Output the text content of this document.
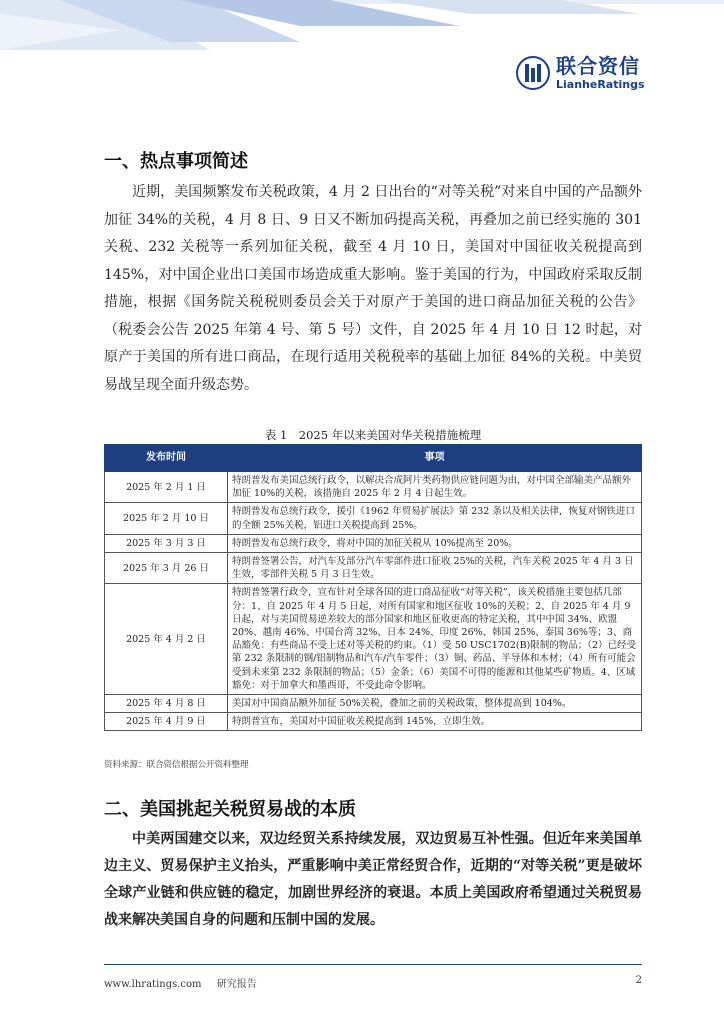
联合资信
LianheRatings
一、热点事项简述

近期，美国频繁发布关税政策，4 月 2 日出台的“对等关税”对来自中国的产品额外加征 34%的关税，4 月 8 日、9 日又不断加码提高关税，再叠加之前已经实施的 301 关税、232 关税等一系列加征关税，截至 4 月 10 日，美国对中国征收关税提高到 145%，对中国企业出口美国市场造成重大影响。鉴于美国的行为，中国政府采取反制措施，根据《国务院关税税则委员会关于对原产于美国的进口商品加征关税的公告》（税委会公告 2025 年第 4 号、第 5 号）文件，自 2025 年 4 月 10 日 12 时起，对原产于美国的所有进口商品，在现行适用关税税率的基础上加征 84%的关税。中美贸易战呈现全面升级态势。

表 1　2025 年以来美国对华关税措施梳理
发布时间	事项
2025 年 2 月 1 日	特朗普发布美国总统行政令，以解决合成阿片类药物供应链问题为由，对中国全部输美产品额外加征 10%的关税，该措施自 2025 年 2 月 4 日起生效。
2025 年 2 月 10 日	特朗普发布总统行政令，援引《1962 年贸易扩展法》第 232 条以及相关法律，恢复对钢铁进口的全额 25%关税，铝进口关税提高到 25%。
2025 年 3 月 3 日	特朗普发布总统行政令，将对中国的加征关税从 10%提高至 20%。
2025 年 3 月 26 日	特朗普签署公告，对汽车及部分汽车零部件进口征收 25%的关税，汽车关税 2025 年 4 月 3 日生效，零部件关税 5 月 3 日生效。
2025 年 4 月 2 日	特朗普签署行政令，宣布针对全球各国的进口商品征收“对等关税”，该关税措施主要包括几部分：1、自 2025 年 4 月 5 日起，对所有国家和地区征收 10%的关税；2、自 2025 年 4 月 9 日起，对与美国贸易逆差较大的部分国家和地区征收更高的特定关税，其中中国 34%、欧盟 20%、越南 46%、中国台湾 32%、日本 24%、印度 26%、韩国 25%、泰国 36%等；3、商品豁免：有些商品不受上述对等关税的约束。（1）受 50 USC1702(B)限制的物品；（2）已经受第 232 条限制的钢/铝制物品和汽车/汽车零件；（3）铜、药品、半导体和木材；（4）所有可能会受到未来第 232 条限制的物品；（5）金条；（6）美国不可得的能源和其他某些矿物质。4、区域豁免：对于加拿大和墨西哥，不受此命令影响。
2025 年 4 月 8 日	美国对中国商品额外加征 50%关税，叠加之前的关税政策，整体提高到 104%。
2025 年 4 月 9 日	特朗普宣布，美国对中国征收关税提高到 145%，立即生效。
资料来源：联合资信根据公开资料整理
二、美国挑起关税贸易战的本质

中美两国建交以来，双边经贸关系持续发展，双边贸易互补性强。但近年来美国单边主义、贸易保护主义抬头，严重影响中美正常经贸合作，近期的“对等关税”更是破坏全球产业链和供应链的稳定，加剧世界经济的衰退。本质上美国政府希望通过关税贸易战来解决美国自身的问题和压制中国的发展。

www.lhratings.com 研究报告	2
